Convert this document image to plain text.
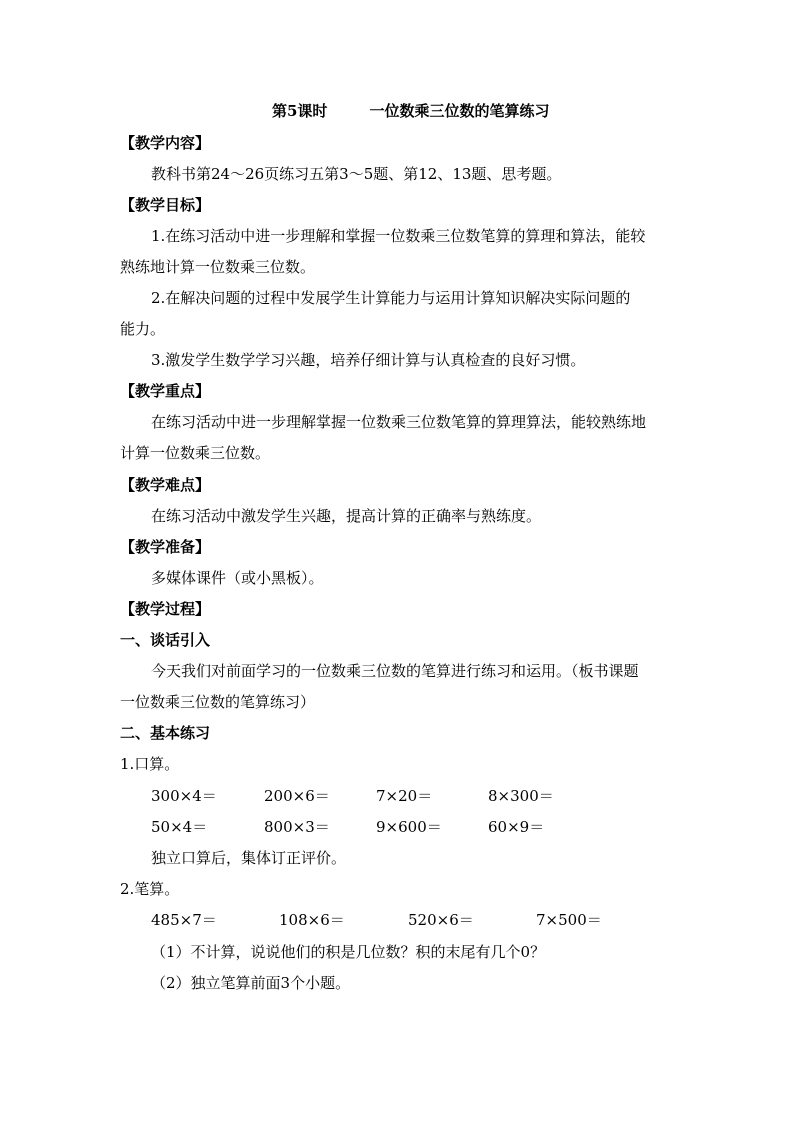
第5课时	一位数乘三位数的笔算练习
【教学内容】
教科书第24～26页练习五第3～5题、第12、13题、思考题。
【教学目标】
1.在练习活动中进一步理解和掌握一位数乘三位数笔算的算理和算法，能较
熟练地计算一位数乘三位数。
2.在解决问题的过程中发展学生计算能力与运用计算知识解决实际问题的
能力。
3.激发学生数学学习兴趣，培养仔细计算与认真检查的良好习惯。
【教学重点】
在练习活动中进一步理解掌握一位数乘三位数笔算的算理算法，能较熟练地
计算一位数乘三位数。
【教学难点】
在练习活动中激发学生兴趣，提高计算的正确率与熟练度。
【教学准备】
多媒体课件（或小黑板）。
【教学过程】
一、谈话引入
今天我们对前面学习的一位数乘三位数的笔算进行练习和运用。（板书课题
一位数乘三位数的笔算练习）
二、基本练习
1.口算。
300×4＝	200×6＝	7×20＝	8×300＝
50×4＝	800×3＝	9×600＝	60×9＝
独立口算后，集体订正评价。
2.笔算。
485×7＝	108×6＝	520×6＝	7×500＝
（1）不计算，说说他们的积是几位数？积的末尾有几个0？
（2）独立笔算前面3个小题。
